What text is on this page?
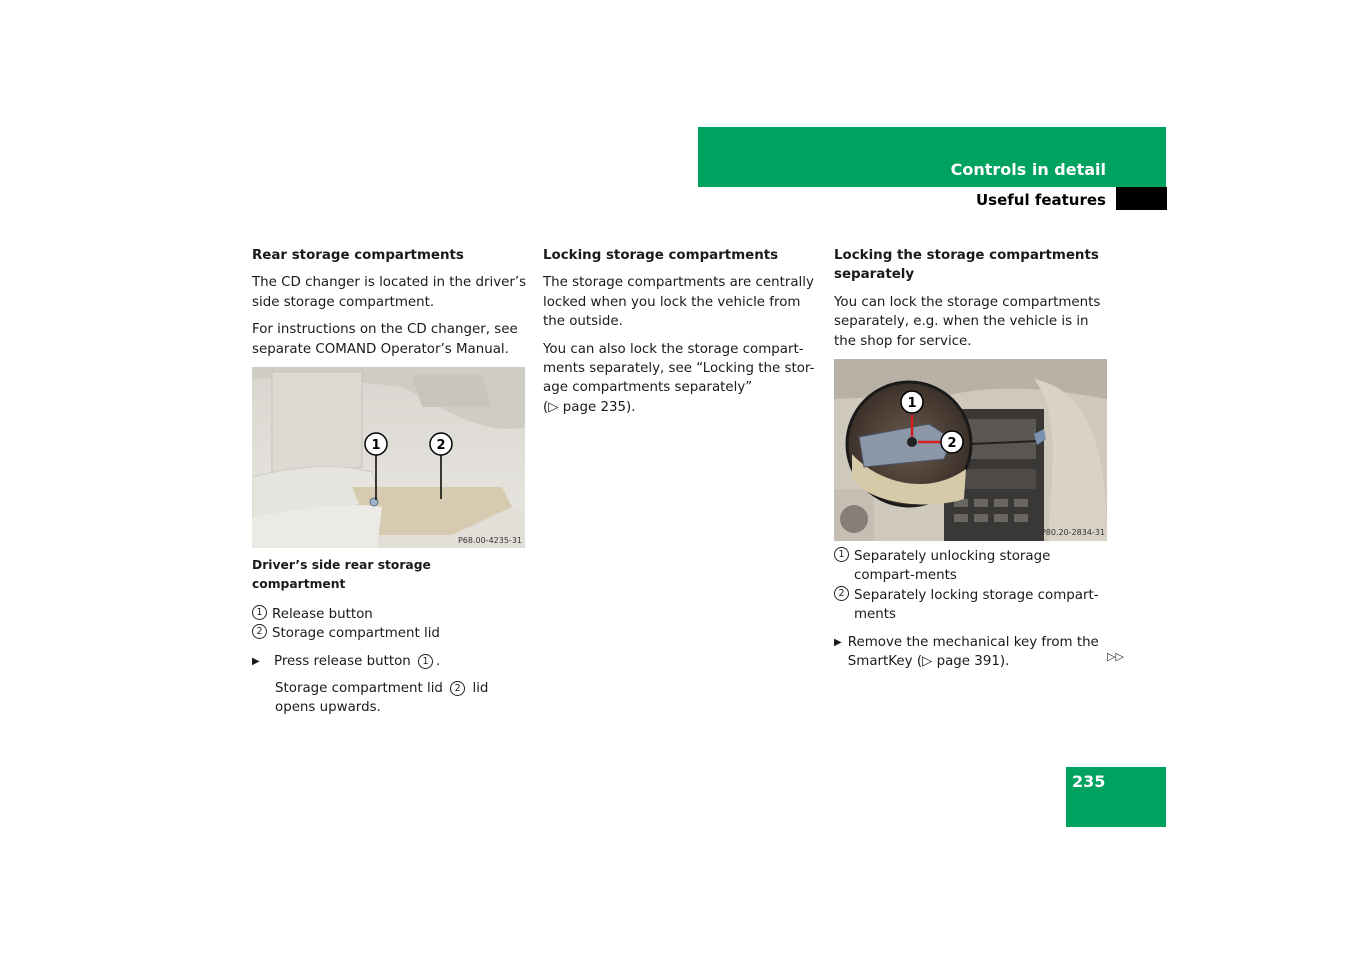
Controls in detail
Useful features
Rear storage compartments

The CD changer is located in the driver’s side storage compartment.

For instructions on the CD changer, see separate COMAND Operator’s Manual.

1	2
P68.00-4235-31
Driver’s side rear storage compartment
1 Release button
2 Storage compartment lid
▶	Press release button 1 .
Storage compartment lid 2 lid opens upwards.
Locking storage compartments

The storage compartments are centrally locked when you lock the vehicle from the outside.

You can also lock the storage compart-ments separately, see “Locking the stor-age compartments separately”

(▷ page 235).

Locking the storage compartments separately

You can lock the storage compartments separately, e.g. when the vehicle is in the shop for service.

1
2
P80.20-2834-31
1 Separately unlocking storage compart-ments
2 Separately locking storage compart-ments
▶ Remove the mechanical key from the SmartKey (▷ page 391).	▷▷
235
